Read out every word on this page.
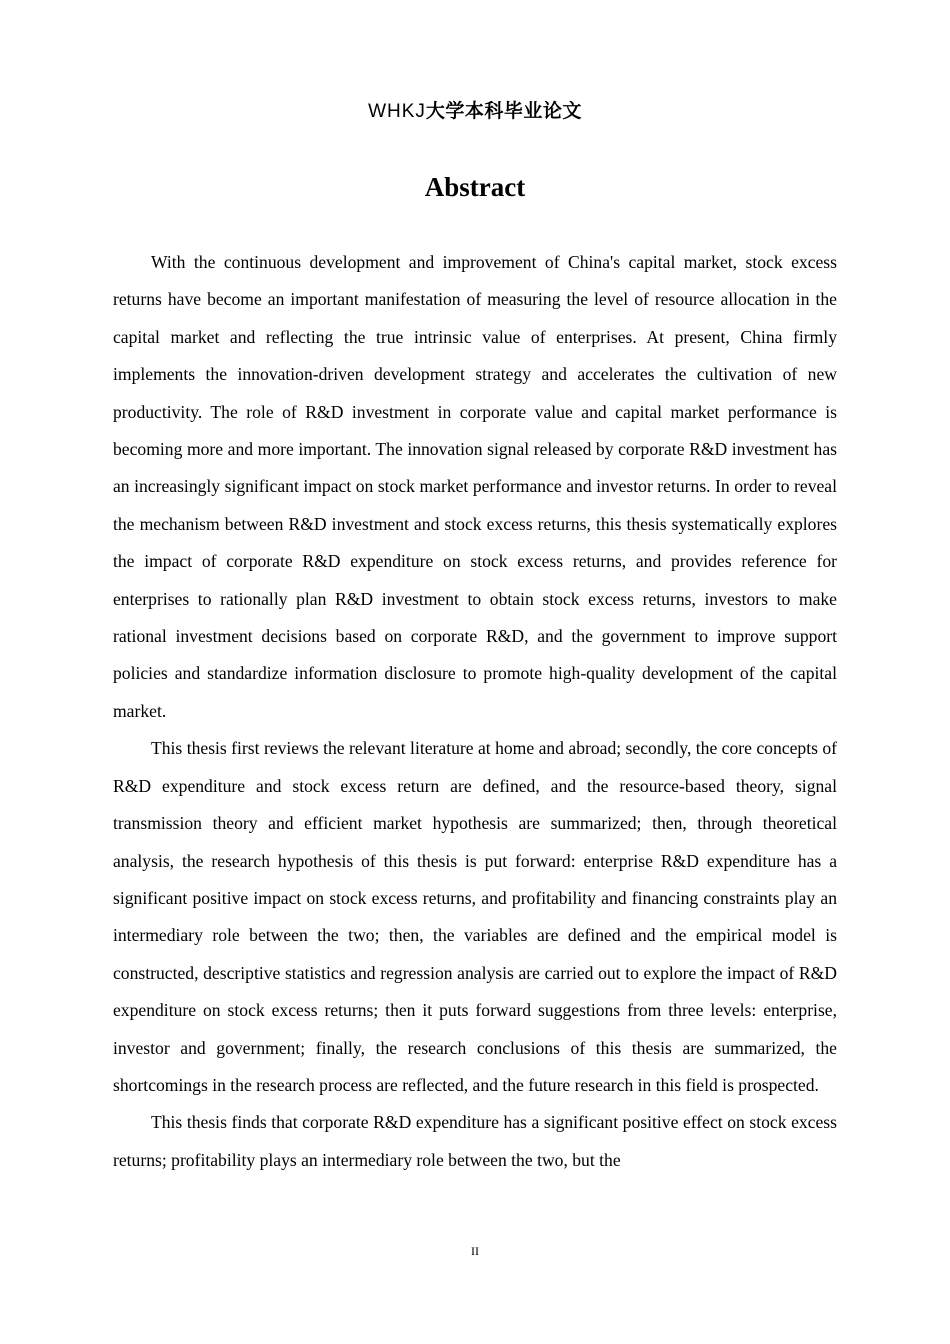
WHKJ大学本科毕业论文
Abstract

With the continuous development and improvement of China's capital market, stock excess returns have become an important manifestation of measuring the level of resource allocation in the capital market and reflecting the true intrinsic value of enterprises. At present, China firmly implements the innovation-driven development strategy and accelerates the cultivation of new productivity. The role of R&D investment in corporate value and capital market performance is becoming more and more important. The innovation signal released by corporate R&D investment has an increasingly significant impact on stock market performance and investor returns. In order to reveal the mechanism between R&D investment and stock excess returns, this thesis systematically explores the impact of corporate R&D expenditure on stock excess returns, and provides reference for enterprises to rationally plan R&D investment to obtain stock excess returns, investors to make rational investment decisions based on corporate R&D, and the government to improve support policies and standardize information disclosure to promote high-quality development of the capital market.

This thesis first reviews the relevant literature at home and abroad; secondly, the core concepts of R&D expenditure and stock excess return are defined, and the resource-based theory, signal transmission theory and efficient market hypothesis are summarized; then, through theoretical analysis, the research hypothesis of this thesis is put forward: enterprise R&D expenditure has a significant positive impact on stock excess returns, and profitability and financing constraints play an intermediary role between the two; then, the variables are defined and the empirical model is constructed, descriptive statistics and regression analysis are carried out to explore the impact of R&D expenditure on stock excess returns; then it puts forward suggestions from three levels: enterprise, investor and government; finally, the research conclusions of this thesis are summarized, the shortcomings in the research process are reflected, and the future research in this field is prospected.

This thesis finds that corporate R&D expenditure has a significant positive effect on stock excess returns; profitability plays an intermediary role between the two, but the

II
